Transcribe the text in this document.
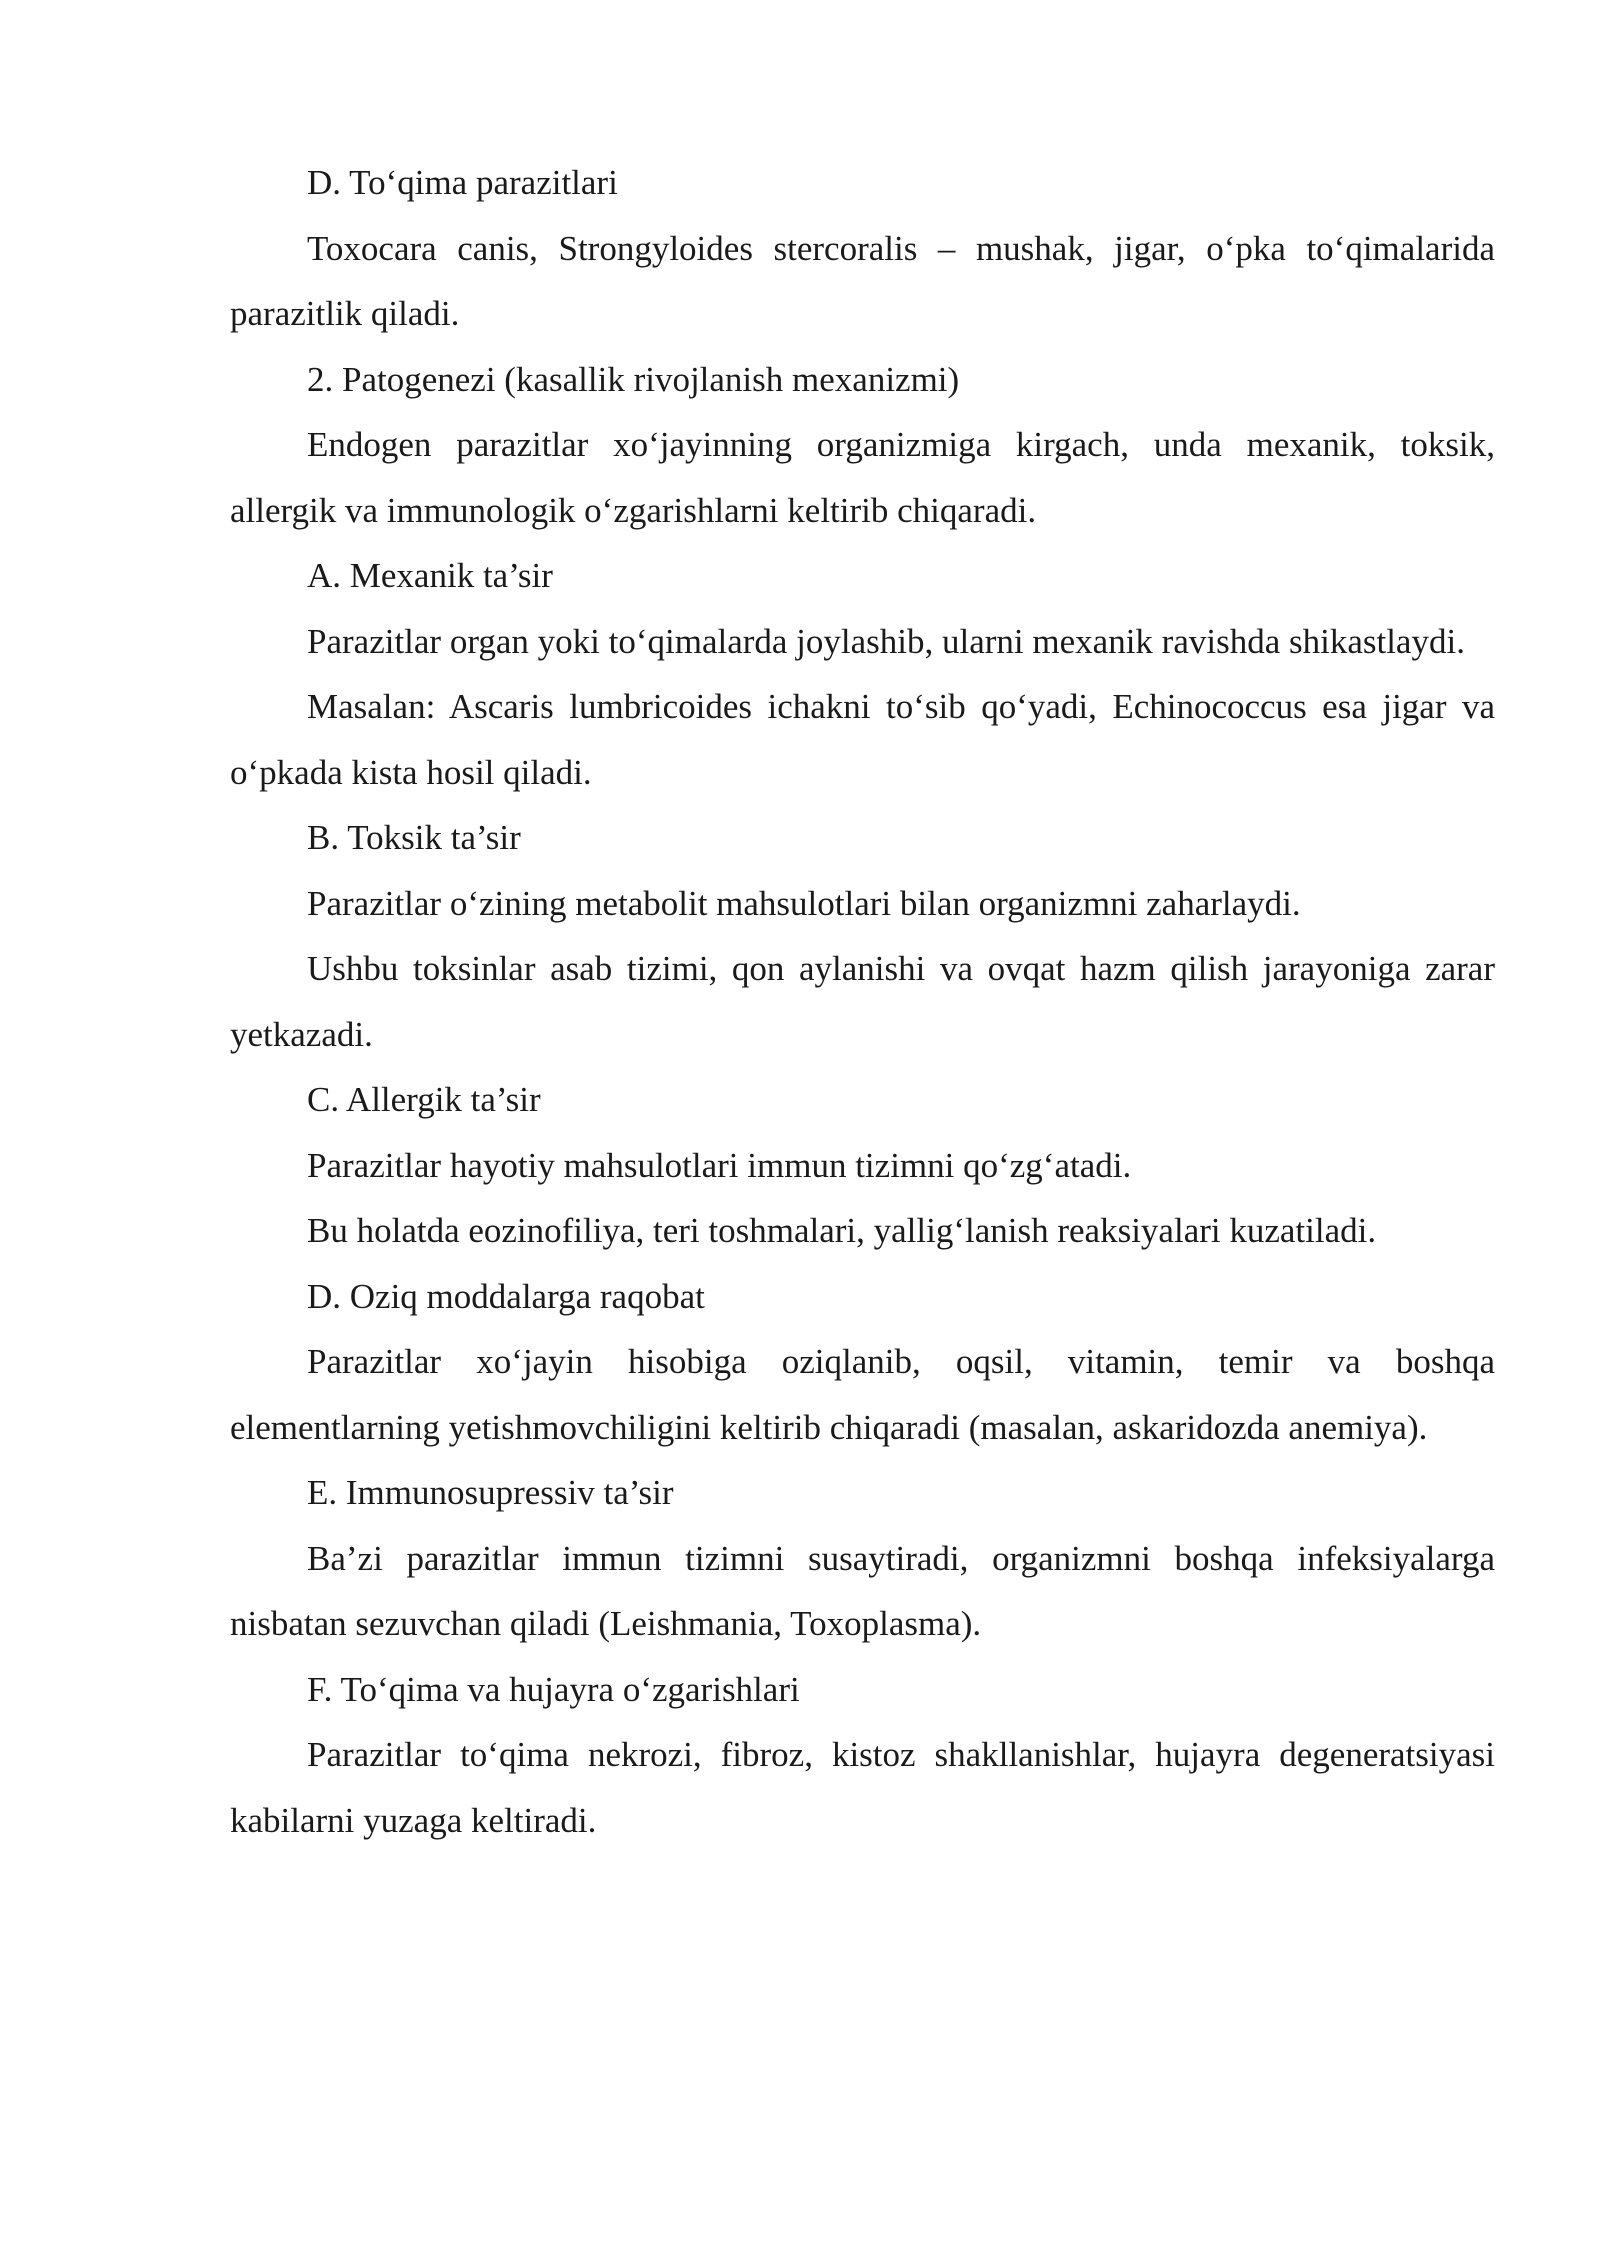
D. To‘qima parazitlari

Toxocara canis, Strongyloides stercoralis – mushak, jigar, o‘pka to‘qimalarida parazitlik qiladi.

2. Patogenezi (kasallik rivojlanish mexanizmi)

Endogen parazitlar xo‘jayinning organizmiga kirgach, unda mexanik, toksik, allergik va immunologik o‘zgarishlarni keltirib chiqaradi.

A. Mexanik ta’sir

Parazitlar organ yoki to‘qimalarda joylashib, ularni mexanik ravishda shikastlaydi.

Masalan: Ascaris lumbricoides ichakni to‘sib qo‘yadi, Echinococcus esa jigar va o‘pkada kista hosil qiladi.

B. Toksik ta’sir

Parazitlar o‘zining metabolit mahsulotlari bilan organizmni zaharlaydi.

Ushbu toksinlar asab tizimi, qon aylanishi va ovqat hazm qilish jarayoniga zarar yetkazadi.

C. Allergik ta’sir

Parazitlar hayotiy mahsulotlari immun tizimni qo‘zg‘atadi.

Bu holatda eozinofiliya, teri toshmalari, yallig‘lanish reaksiyalari kuzatiladi.

D. Oziq moddalarga raqobat

Parazitlar xo‘jayin hisobiga oziqlanib, oqsil, vitamin, temir va boshqa elementlarning yetishmovchiligini keltirib chiqaradi (masalan, askaridozda anemiya).

E. Immunosupressiv ta’sir

Ba’zi parazitlar immun tizimni susaytiradi, organizmni boshqa infeksiyalarga nisbatan sezuvchan qiladi (Leishmania, Toxoplasma).

F. To‘qima va hujayra o‘zgarishlari

Parazitlar to‘qima nekrozi, fibroz, kistoz shakllanishlar, hujayra degeneratsiyasi kabilarni yuzaga keltiradi.
